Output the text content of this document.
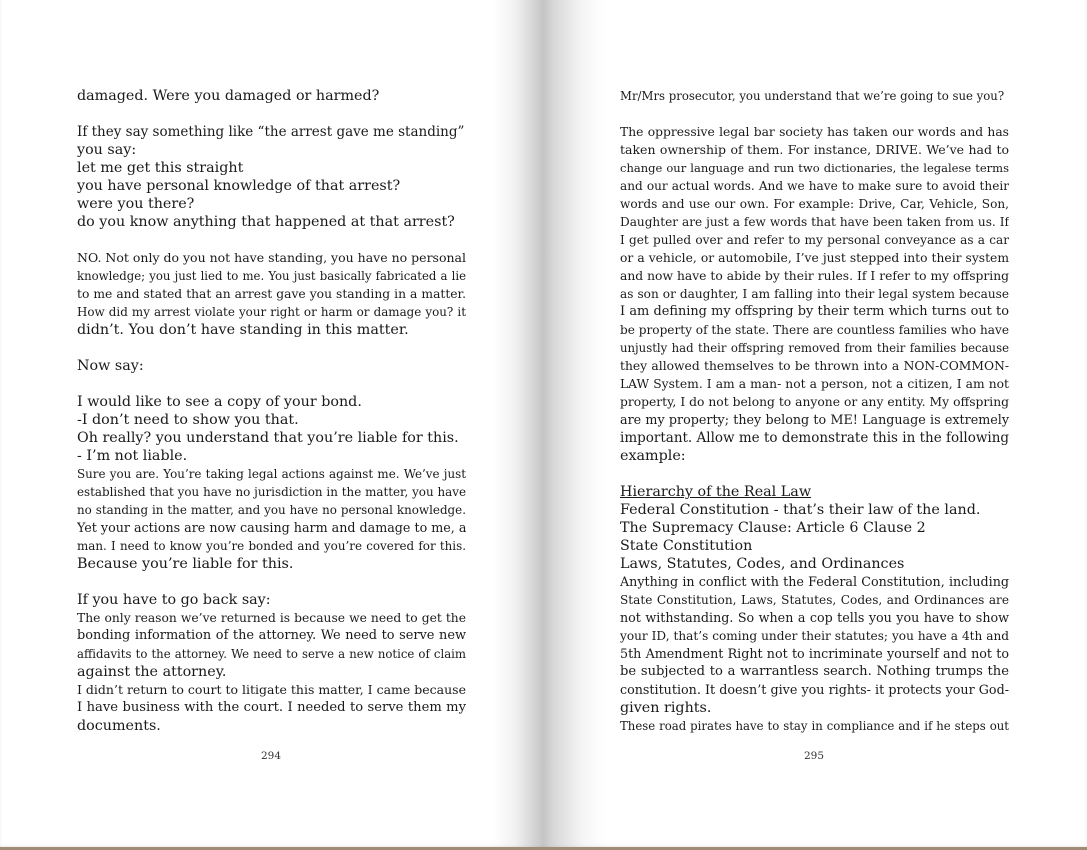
damaged. Were you damaged or harmed?
If they say something like “the arrest gave me standing”
you say:
let me get this straight
you have personal knowledge of that arrest?
were you there?
do you know anything that happened at that arrest?
NO. Not only do you not have standing, you have no personal
knowledge; you just lied to me. You just basically fabricated a lie
to me and stated that an arrest gave you standing in a matter.
How did my arrest violate your right or harm or damage you? it
didn’t. You don’t have standing in this matter.
Now say:
I would like to see a copy of your bond.
-I don’t need to show you that.
Oh really? you understand that you’re liable for this.
- I’m not liable.
Sure you are. You’re taking legal actions against me. We’ve just
established that you have no jurisdiction in the matter, you have
no standing in the matter, and you have no personal knowledge.
Yet your actions are now causing harm and damage to me, a
man. I need to know you’re bonded and you’re covered for this.
Because you’re liable for this.
If you have to go back say:
The only reason we’ve returned is because we need to get the
bonding information of the attorney. We need to serve new
affidavits to the attorney. We need to serve a new notice of claim
against the attorney.
I didn’t return to court to litigate this matter, I came because
I have business with the court. I needed to serve them my
documents.
294
Mr/Mrs prosecutor, you understand that we’re going to sue you?
The oppressive legal bar society has taken our words and has
taken ownership of them. For instance, DRIVE. We’ve had to
change our language and run two dictionaries, the legalese terms
and our actual words. And we have to make sure to avoid their
words and use our own. For example: Drive, Car, Vehicle, Son,
Daughter are just a few words that have been taken from us. If
I get pulled over and refer to my personal conveyance as a car
or a vehicle, or automobile, I’ve just stepped into their system
and now have to abide by their rules. If I refer to my offspring
as son or daughter, I am falling into their legal system because
I am defining my offspring by their term which turns out to
be property of the state. There are countless families who have
unjustly had their offspring removed from their families because
they allowed themselves to be thrown into a NON-COMMON-
LAW System. I am a man- not a person, not a citizen, I am not
property, I do not belong to anyone or any entity. My offspring
are my property; they belong to ME! Language is extremely
important. Allow me to demonstrate this in the following
example:
Hierarchy of the Real Law
Federal Constitution - that’s their law of the land.
The Supremacy Clause: Article 6 Clause 2
State Constitution
Laws, Statutes, Codes, and Ordinances
Anything in conflict with the Federal Constitution, including
State Constitution, Laws, Statutes, Codes, and Ordinances are
not withstanding. So when a cop tells you you have to show
your ID, that’s coming under their statutes; you have a 4th and
5th Amendment Right not to incriminate yourself and not to
be subjected to a warrantless search. Nothing trumps the
constitution. It doesn’t give you rights- it protects your God-
given rights.
These road pirates have to stay in compliance and if he steps out
295
